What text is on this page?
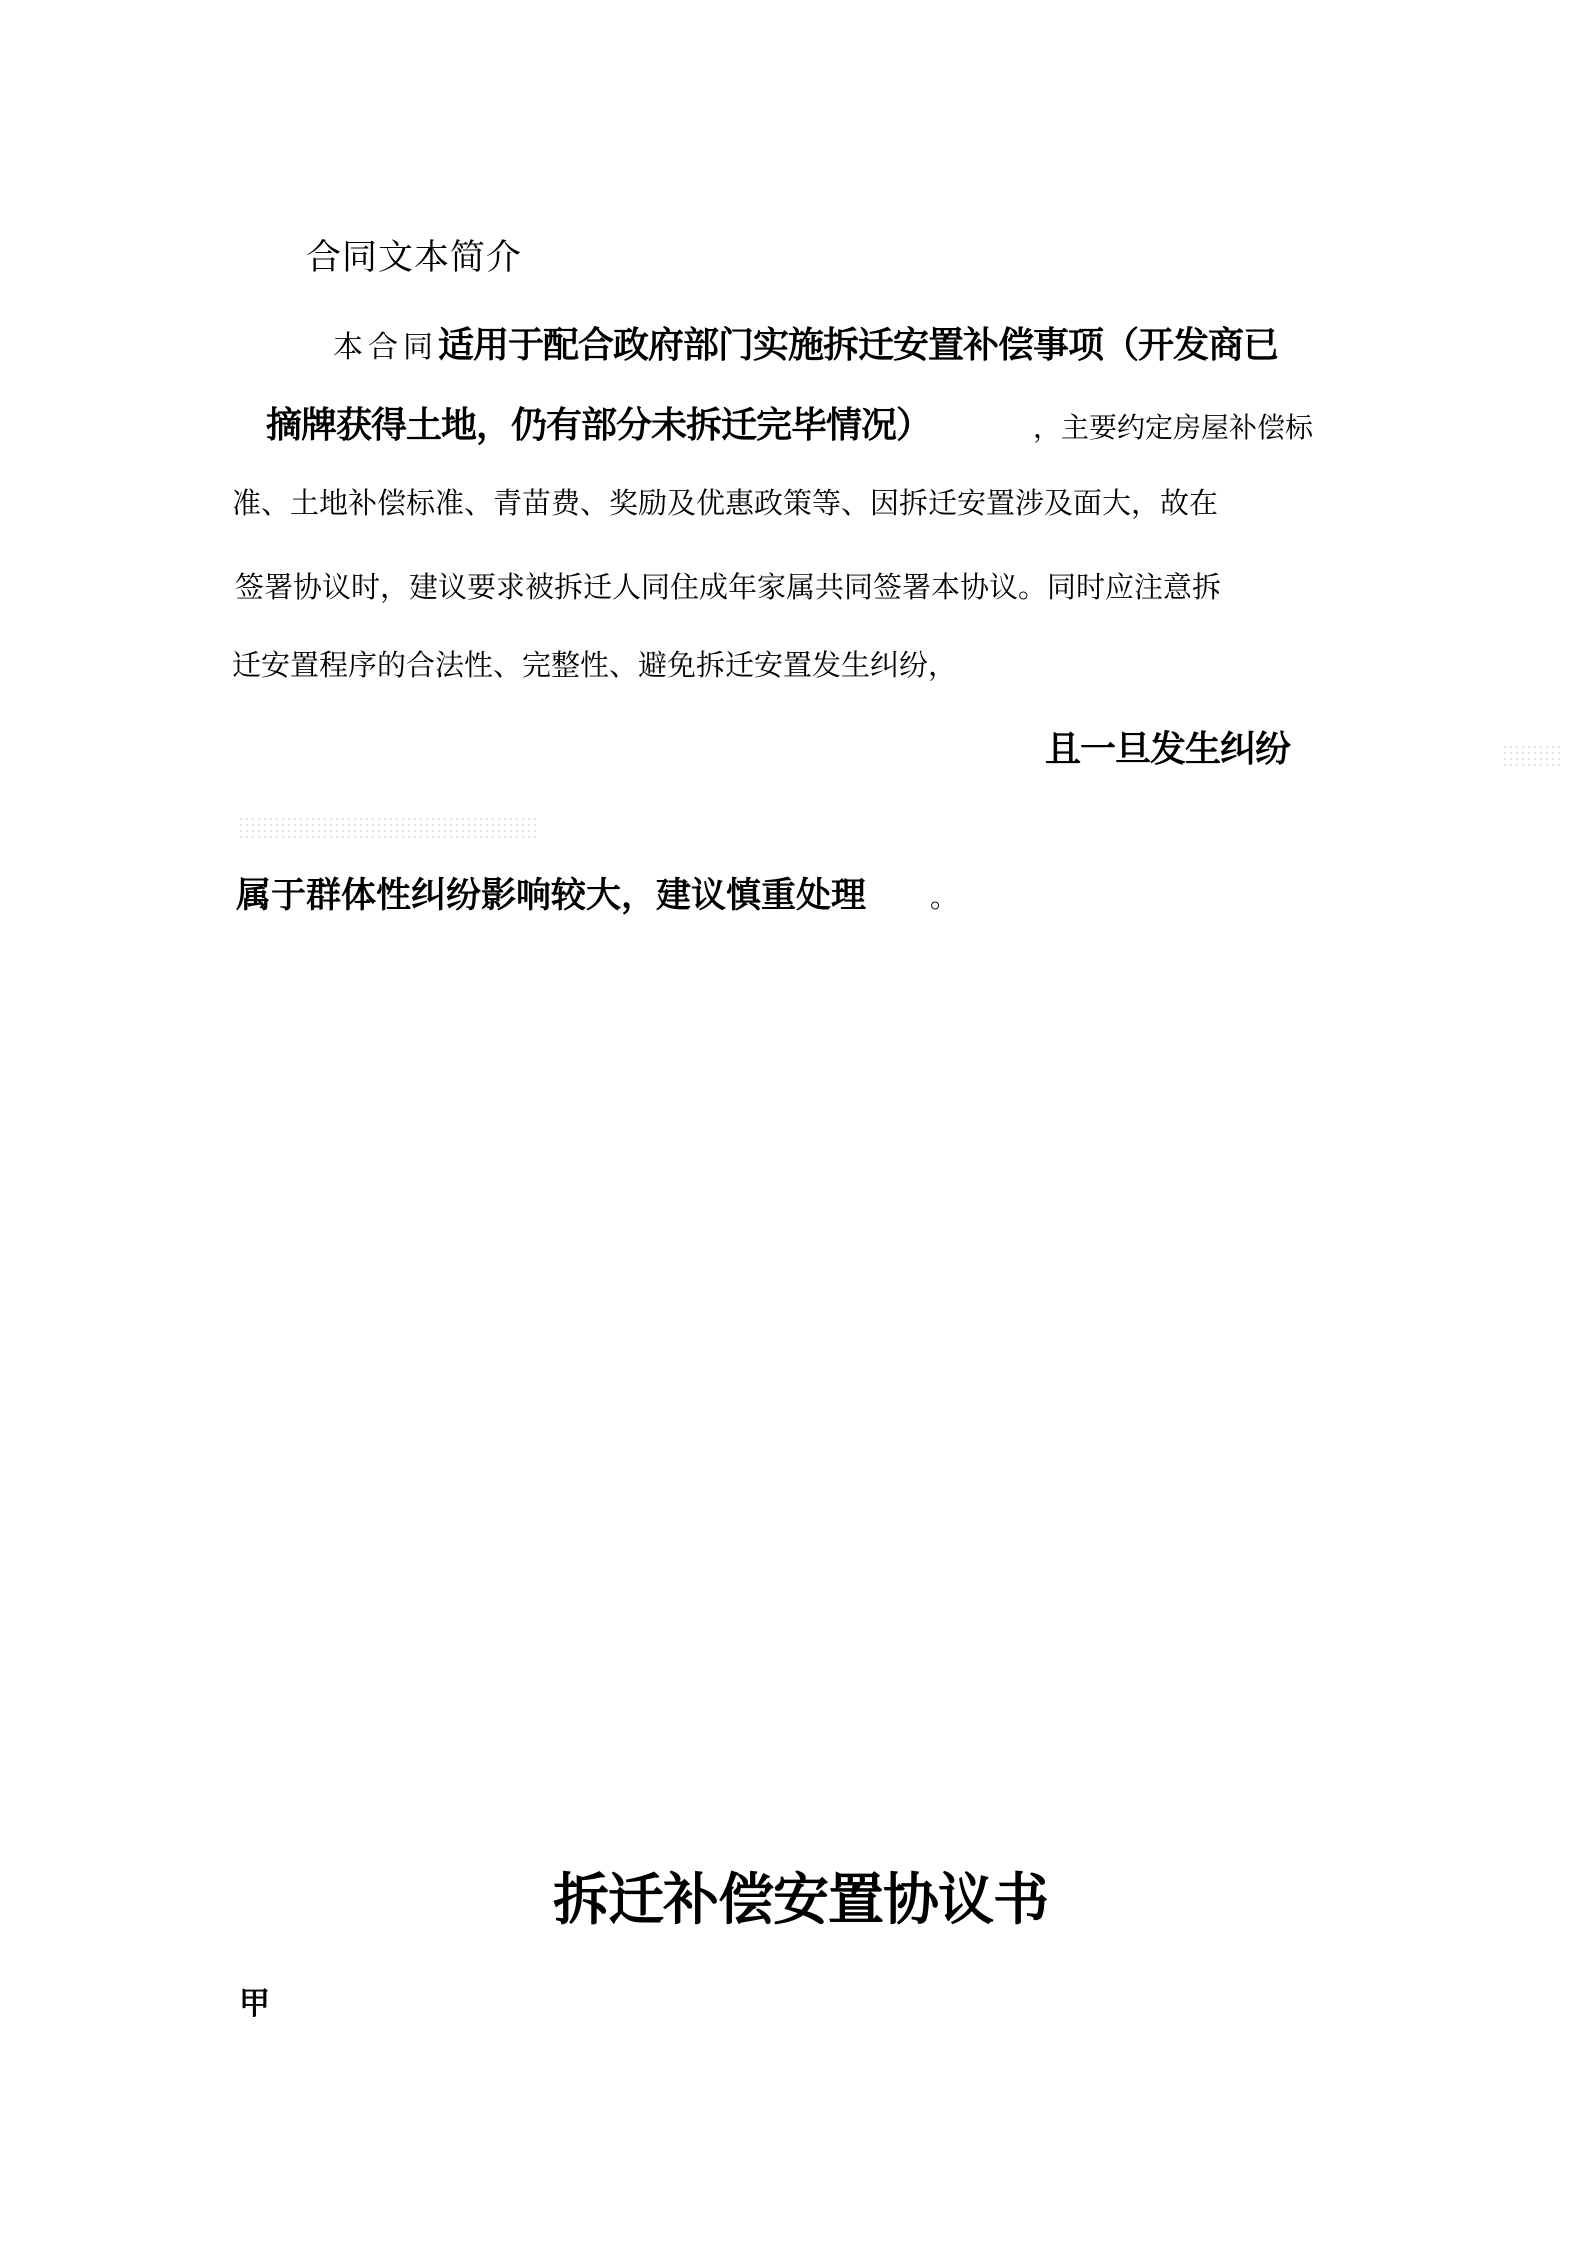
合同文本简介
本合同适用于配合政府部门实施拆迁安置补偿事项（开发商已
摘牌获得土地，仍有部分未拆迁完毕情况）	，主要约定房屋补偿标
准、土地补偿标准、青苗费、奖励及优惠政策等、因拆迁安置涉及面大，故在
签署协议时，建议要求被拆迁人同住成年家属共同签署本协议。同时应注意拆
迁安置程序的合法性、完整性、避免拆迁安置发生纠纷，
且一旦发生纠纷
属于群体性纠纷影响较大，建议慎重处理 。
拆迁补偿安置协议书
甲
